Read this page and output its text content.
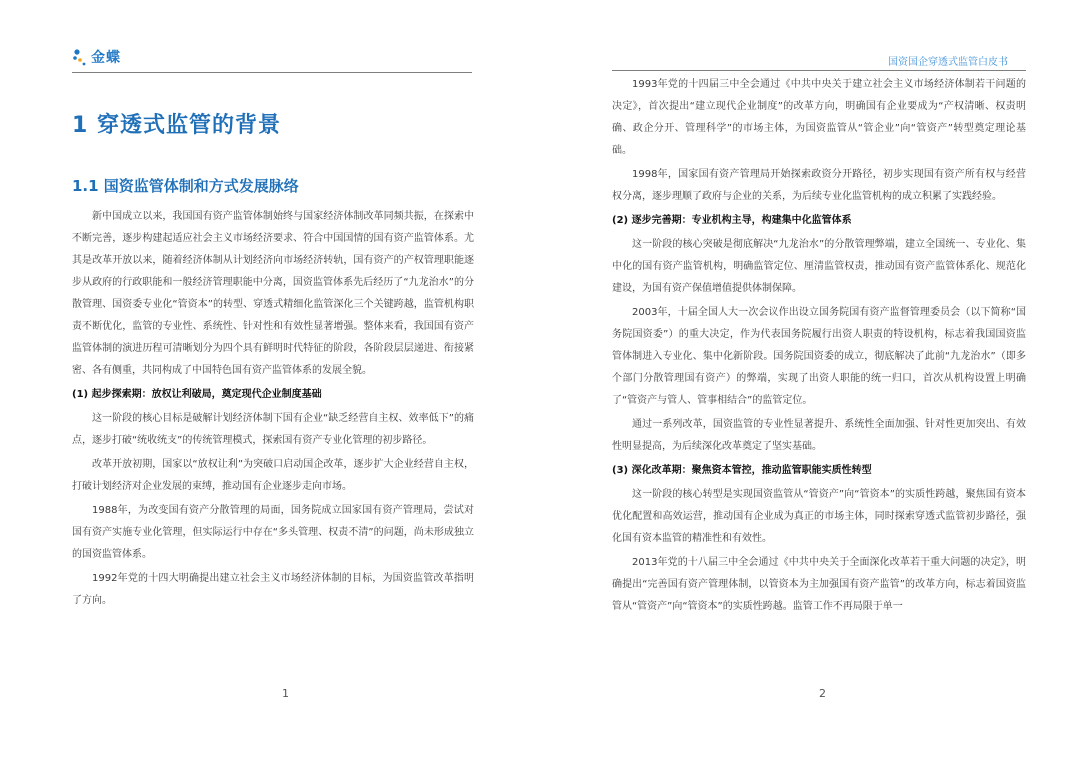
金蝶
1 穿透式监管的背景
1.1 国资监管体制和方式发展脉络

新中国成立以来，我国国有资产监管体制始终与国家经济体制改革同频共振，在探索中不断完善，逐步构建起适应社会主义市场经济要求、符合中国国情的国有资产监管体系。尤其是改革开放以来，随着经济体制从计划经济向市场经济转轨，国有资产的产权管理职能逐步从政府的行政职能和一般经济管理职能中分离，国资监管体系先后经历了“九龙治水”的分散管理、国资委专业化“管资本”的转型、穿透式精细化监管深化三个关键跨越，监管机构职责不断优化，监管的专业性、系统性、针对性和有效性显著增强。整体来看，我国国有资产监管体制的演进历程可清晰划分为四个具有鲜明时代特征的阶段，各阶段层层递进、衔接紧密、各有侧重，共同构成了中国特色国有资产监管体系的发展全貌。

(1) 起步探索期：放权让利破局，奠定现代企业制度基础

这一阶段的核心目标是破解计划经济体制下国有企业“缺乏经营自主权、效率低下”的痛点，逐步打破“统收统支”的传统管理模式，探索国有资产专业化管理的初步路径。

改革开放初期，国家以“放权让利”为突破口启动国企改革，逐步扩大企业经营自主权，打破计划经济对企业发展的束缚，推动国有企业逐步走向市场。

1988年，为改变国有资产分散管理的局面，国务院成立国家国有资产管理局，尝试对国有资产实施专业化管理，但实际运行中存在“多头管理、权责不清”的问题，尚未形成独立的国资监管体系。

1992年党的十四大明确提出建立社会主义市场经济体制的目标，为国资监管改革指明了方向。

1
国资国企穿透式监管白皮书

1993年党的十四届三中全会通过《中共中央关于建立社会主义市场经济体制若干问题的决定》，首次提出“建立现代企业制度”的改革方向，明确国有企业要成为“产权清晰、权责明确、政企分开、管理科学”的市场主体，为国资监管从“管企业”向“管资产”转型奠定理论基础。

1998年，国家国有资产管理局开始探索政资分开路径，初步实现国有资产所有权与经营权分离，逐步理顺了政府与企业的关系，为后续专业化监管机构的成立积累了实践经验。

(2) 逐步完善期：专业机构主导，构建集中化监管体系

这一阶段的核心突破是彻底解决“九龙治水”的分散管理弊端，建立全国统一、专业化、集中化的国有资产监管机构，明确监管定位、厘清监管权责，推动国有资产监管体系化、规范化建设，为国有资产保值增值提供体制保障。

2003年，十届全国人大一次会议作出设立国务院国有资产监督管理委员会（以下简称“国务院国资委”）的重大决定，作为代表国务院履行出资人职责的特设机构，标志着我国国资监管体制进入专业化、集中化新阶段。国务院国资委的成立，彻底解决了此前“九龙治水”（即多个部门分散管理国有资产）的弊端，实现了出资人职能的统一归口，首次从机构设置上明确了“管资产与管人、管事相结合”的监管定位。

通过一系列改革，国资监管的专业性显著提升、系统性全面加强、针对性更加突出、有效性明显提高，为后续深化改革奠定了坚实基础。

(3) 深化改革期：聚焦资本管控，推动监管职能实质性转型

这一阶段的核心转型是实现国资监管从“管资产”向“管资本”的实质性跨越，聚焦国有资本优化配置和高效运营，推动国有企业成为真正的市场主体，同时探索穿透式监管初步路径，强化国有资本监管的精准性和有效性。

2013年党的十八届三中全会通过《中共中央关于全面深化改革若干重大问题的决定》，明确提出“完善国有资产管理体制，以管资本为主加强国有资产监管”的改革方向，标志着国资监管从“管资产”向“管资本”的实质性跨越。监管工作不再局限于单一

2
